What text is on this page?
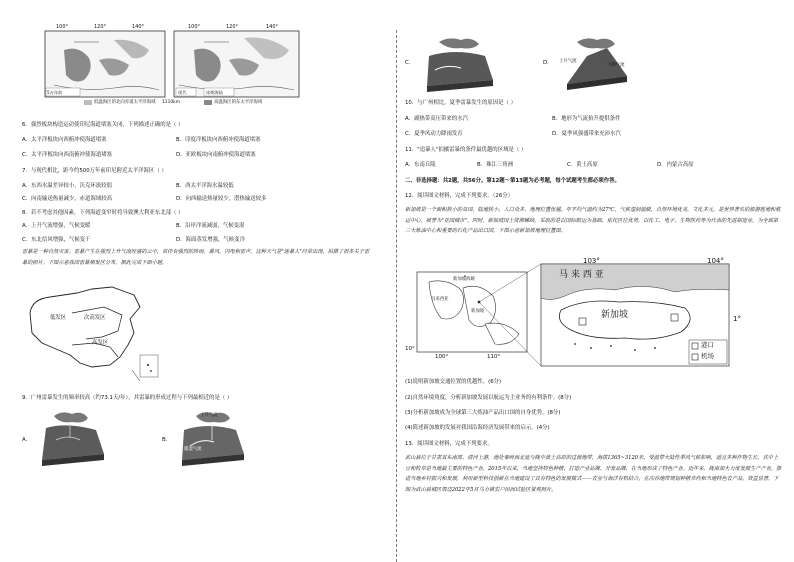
100°	120°	140°	100°	120°	140°
5万年前	现代	冰期海陆
低温海区的北向赤道太平洋海域 1110km	高温海区的东太平洋海域
6．强烈板块构造运动使印尼海道堵塞关闭，下列描述正确的是（ ）
A．太平洋板块向西俯冲使海道堵塞	B．印度洋板块向西俯冲使海道堵塞
C．太平洋板块向西南俯冲使海道堵塞	D．亚欧板块向南俯冲使海道堵塞
7．与现代相比，距今约500万年前印尼附近太平洋海区（ ）
A．东西水温差异较小，沃克环流较弱	B．西太平洋海水温较低
C．向南输送热量减少，赤道海域较高	D．向西输送热量较少，潜热输送较多
8．若不考虑其他因素，下列海道变窄时将导致澳大利亚东北部（ ）
A．上升气流增强，气候变暖	B．沿岸洋流减弱，气候变湿
C．东北信风增强，气候变干	D．海面蒸发增强，气候变冷
雷暴是一种自然灾害。雷暴产生在强烈上升气流旺盛的云中，常伴有强烈的阵雨、暴风、闪电和雷声，这种天气是"迷暴人"经常出现，拍摄了很多关于雷暴的照片。下图示意我国雷暴频发区分布。据此完成下面小题。
低发区	次高发区
高发区
9．广州雷暴发生的频率较高（约73.1天/年），其雷暴的形成过程与下列最相近的是（ ）
A．	B．
上升气流
暖湿气流
C．	D． 上升气流
下降气流
10．与广州相比，夏季雷暴发生的原因是（ ）
A．副热带高压带来的水汽	B．地形为气流抬升提供条件
C．夏季风动力降雨发育	D．夏季风强盛带来充沛水汽
11．"追暴人"拍摄雷暴的条件最优越的区域是（ ）
A．东南丘陵	B．珠江三角洲	C．黄土高原	D．内蒙古高原
二、非选择题：共2题，共56分。第12题～第13题为必考题，每个试题考生都必须作答。
12．阅读图文材料，完成下列要求。（26分）
新加坡是一个面积狭小的岛国，陆地狭小，人口众多，地理位置优越。年平均气温约为27℃，气候湿润温暖，自然环境优美，文化多元，是世界著名的旅游胜地和航运中心，被誉为"花园城市"。同时，新加坡国土资源稀缺，采取的是以国际航运为基础，依托区位优势，以化工、电子、生物医药等为代表的先进制造业，为全球第三大炼油中心和重要的石化产品出口国。下图示意新加坡地理位置图。
103°	104°
1°
马 来 西 亚
新加坡
港口
机场
新加坡海峡
马来西亚
新加坡
10°
100°	110°
(1)说明新加坡交通位置的优越性。(6分)
(2)自然环境角度，分析新加坡发展以航运为主业务的有利条件。(8分)
(3)分析新加坡成为全球第三大炼油产品出口国的自身优势。(8分)
(4)简述新加坡的发展对我国沿海经济发展带来的启示。(4分)
13．阅读图文材料，完成下列要求。
武山县位于甘肃省东南部、渭河上游，地处秦岭西北延与陇中黄土高原的过渡地带，海拔1365~3120米，受温带大陆性季风气候影响，适宜多种作物生长，其中土豆和牧草是当地最主要的特色产业，2015年以来，当地坚持特色种植、打造产业品牌、开发品牌，在当地形成了特色产业。近年来，陇南加大力度发展生产产业，推进当地乡村振兴和发展，利用新型科技创新在当地建设了具有特色的发展模式——农业与海洋有机结合，在沟谷地带规划种植草药和当地特色农产品，效益显著。下图为武山县城区周边2022年5月马力镇农户田间试验区景观照片。
